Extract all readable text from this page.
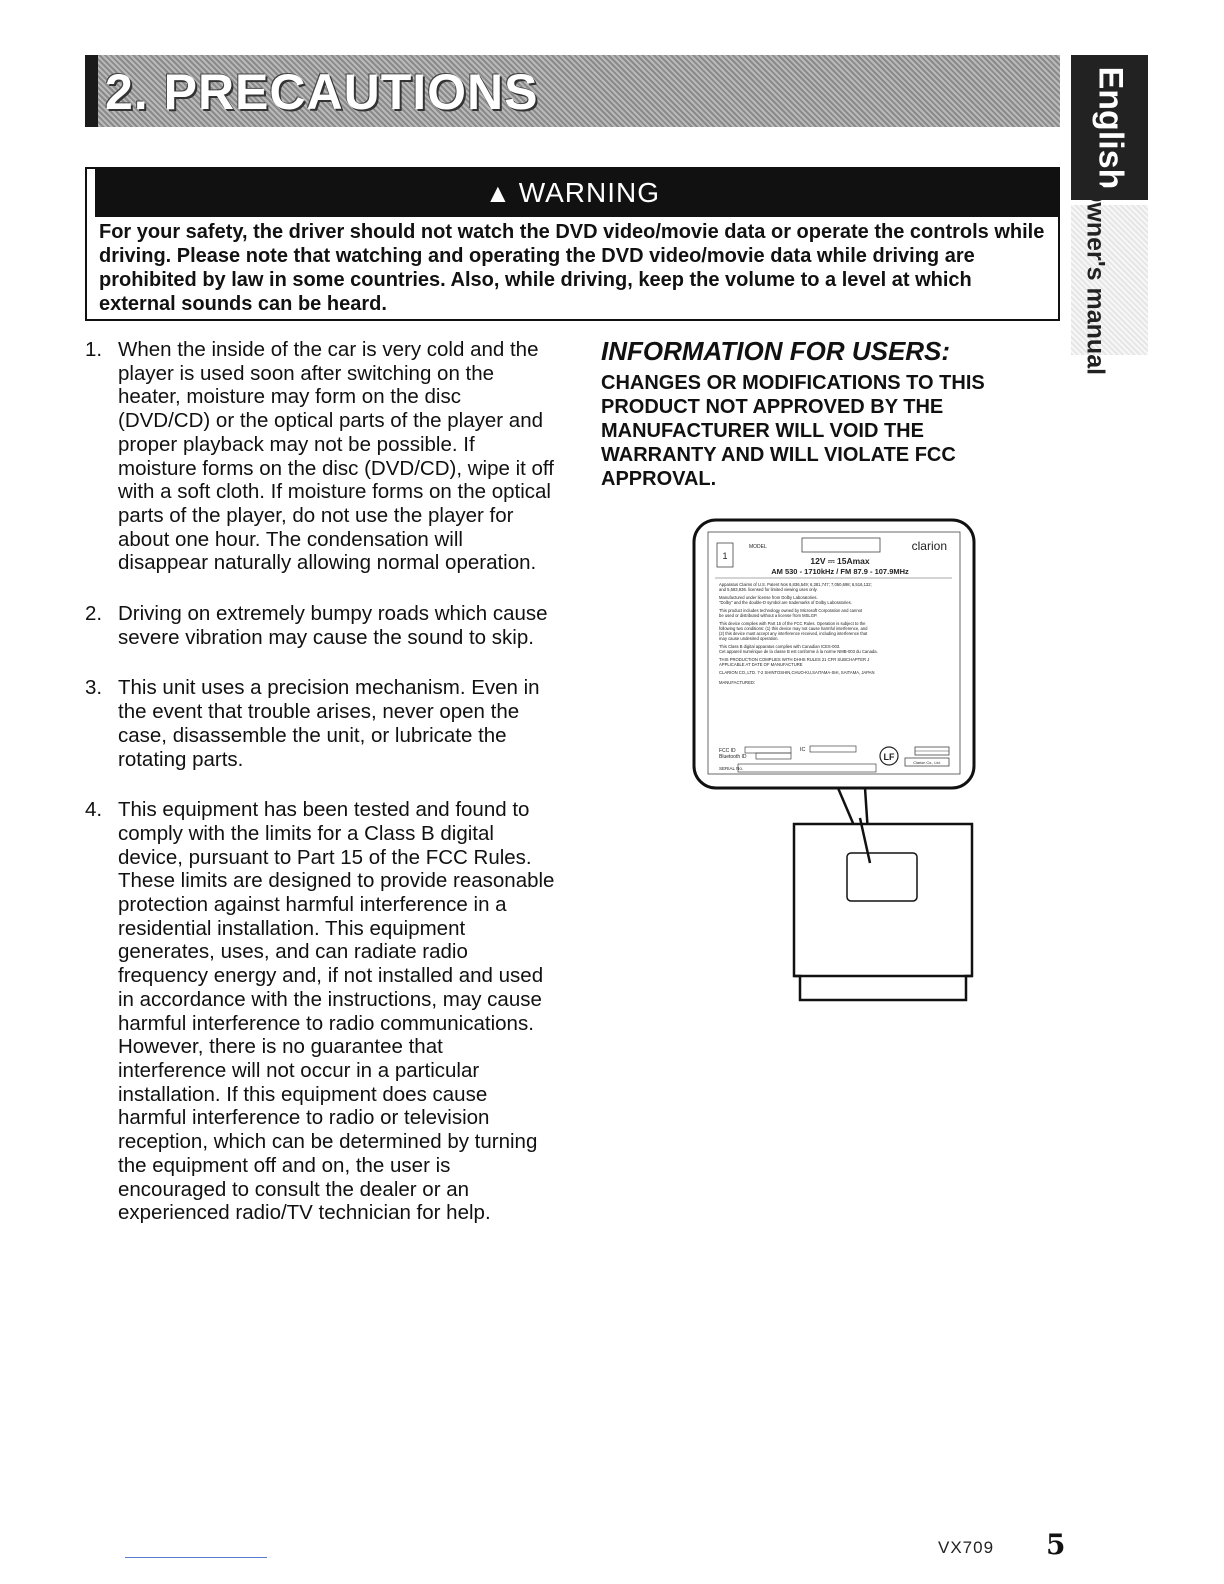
2. PRECAUTIONS	English
Owner's manual
▲ WARNING
For your safety, the driver should not watch the DVD video/movie data or operate the controls while driving. Please note that watching and operating the DVD video/movie data while driving are prohibited by law in some countries. Also, while driving, keep the volume to a level at which external sounds can be heard.
1. When the inside of the car is very cold and the player is used soon after switching on the heater, moisture may form on the disc (DVD/CD) or the optical parts of the player and proper playback may not be possible. If moisture forms on the disc (DVD/CD), wipe it off with a soft cloth. If moisture forms on the optical parts of the player, do not use the player for about one hour. The condensation will disappear naturally allowing normal operation.
2. Driving on extremely bumpy roads which cause severe vibration may cause the sound to skip.
3. This unit uses a precision mechanism. Even in the event that trouble arises, never open the case, disassemble the unit, or lubricate the rotating parts.
4. This equipment has been tested and found to comply with the limits for a Class B digital device, pursuant to Part 15 of the FCC Rules. These limits are designed to provide reasonable protection against harmful interference in a residential installation. This equipment generates, uses, and can radiate radio frequency energy and, if not installed and used in accordance with the instructions, may cause harmful interference to radio communications. However, there is no guarantee that interference will not occur in a particular installation. If this equipment does cause harmful interference to radio or television reception, which can be determined by turning the equipment off and on, the user is encouraged to consult the dealer or an experienced radio/TV technician for help.
INFORMATION FOR USERS:

CHANGES OR MODIFICATIONS TO THIS PRODUCT NOT APPROVED BY THE MANUFACTURER WILL VOID THE WARRANTY AND WILL VIOLATE FCC APPROVAL.

1
MODEL	clarion
12V ⎓ 15Amax
AM 530 - 1710kHz / FM 87.9 - 107.9MHz
Apparatus Claims of U.S. Patent Nos 6,836,549; 6,381,747; 7,050,698; 6,516,132;
and 5,583,936. licensed for limited viewing uses only.
Manufactured under license from Dolby Laboratories.
"Dolby" and the double-D symbol are trademarks of Dolby Laboratories.
This product includes technology owned by Microsoft Corporation and cannot
be used or distributed without a license from MSLGP.
This device complies with Part 15 of the FCC Rules. Operation is subject to the
following two conditions: (1) this device may not cause harmful interference, and
(2) this device must accept any interference received, including interference that
may cause undesired operation.
This Class B digital apparatus complies with Canadian ICES-003.
Cet appareil numérique de la classe B est conforme à la norme NMB-003 du Canada.
THIS PRODUCTION COMPLIES WITH DHHS RULES 21 CFR SUBCHAPTER J
APPLICABLE AT DATE OF MANUFACTURE
CLARION CO.,LTD. 7-2 SHINTOSHIN,CHUO-KU,SAITAMA-SHI, SAITAMA, JAPAN
MANUFACTURED:
FCC ID
Bluetooth ID
SERIAL No.
IC
LF
Clarion Co., Ltd.

VX709 5
